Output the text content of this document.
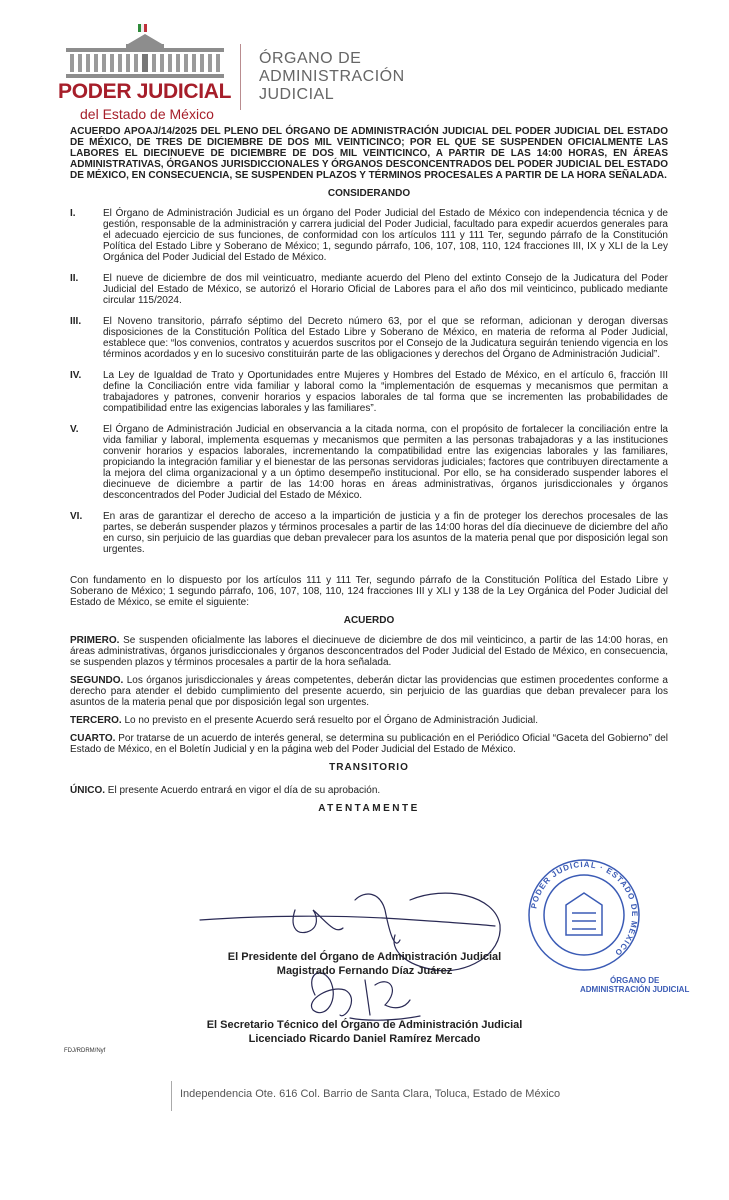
PODER JUDICIAL
del Estado de México
ÓRGANO DE
ADMINISTRACIÓN
JUDICIAL

ACUERDO APOAJ/14/2025 DEL PLENO DEL ÓRGANO DE ADMINISTRACIÓN JUDICIAL DEL PODER JUDICIAL DEL ESTADO DE MÉXICO, DE TRES DE DICIEMBRE DE DOS MIL VEINTICINCO; POR EL QUE SE SUSPENDEN OFICIALMENTE LAS LABORES EL DIECINUEVE DE DICIEMBRE DE DOS MIL VEINTICINCO, A PARTIR DE LAS 14:00 HORAS, EN ÁREAS ADMINISTRATIVAS, ÓRGANOS JURISDICCIONALES Y ÓRGANOS DESCONCENTRADOS DEL PODER JUDICIAL DEL ESTADO DE MÉXICO, EN CONSECUENCIA, SE SUSPENDEN PLAZOS Y TÉRMINOS PROCESALES A PARTIR DE LA HORA SEÑALADA.

CONSIDERANDO
I.	El Órgano de Administración Judicial es un órgano del Poder Judicial del Estado de México con independencia técnica y de gestión, responsable de la administración y carrera judicial del Poder Judicial, facultado para expedir acuerdos generales para el adecuado ejercicio de sus funciones, de conformidad con los artículos 111 y 111 Ter, segundo párrafo de la Constitución Política del Estado Libre y Soberano de México; 1, segundo párrafo, 106, 107, 108, 110, 124 fracciones III, IX y XLI de la Ley Orgánica del Poder Judicial del Estado de México.
II.	El nueve de diciembre de dos mil veinticuatro, mediante acuerdo del Pleno del extinto Consejo de la Judicatura del Poder Judicial del Estado de México, se autorizó el Horario Oficial de Labores para el año dos mil veinticinco, publicado mediante circular 115/2024.
III.	El Noveno transitorio, párrafo séptimo del Decreto número 63, por el que se reforman, adicionan y derogan diversas disposiciones de la Constitución Política del Estado Libre y Soberano de México, en materia de reforma al Poder Judicial, establece que: “los convenios, contratos y acuerdos suscritos por el Consejo de la Judicatura seguirán teniendo vigencia en los términos acordados y en lo sucesivo constituirán parte de las obligaciones y derechos del Órgano de Administración Judicial”.
IV.	La Ley de Igualdad de Trato y Oportunidades entre Mujeres y Hombres del Estado de México, en el artículo 6, fracción III define la Conciliación entre vida familiar y laboral como la “implementación de esquemas y mecanismos que permitan a trabajadores y patrones, convenir horarios y espacios laborales de tal forma que se incrementen las probabilidades de compatibilidad entre las exigencias laborales y las familiares”.
V.	El Órgano de Administración Judicial en observancia a la citada norma, con el propósito de fortalecer la conciliación entre la vida familiar y laboral, implementa esquemas y mecanismos que permiten a las personas trabajadoras y a las instituciones convenir horarios y espacios laborales, incrementando la compatibilidad entre las exigencias laborales y las familiares, propiciando la integración familiar y el bienestar de las personas servidoras judiciales; factores que contribuyen directamente a la mejora del clima organizacional y a un óptimo desempeño institucional. Por ello, se ha considerado suspender labores el diecinueve de diciembre a partir de las 14:00 horas en áreas administrativas, órganos jurisdiccionales y órganos desconcentrados del Poder Judicial del Estado de México.
VI.	En aras de garantizar el derecho de acceso a la impartición de justicia y a fin de proteger los derechos procesales de las partes, se deberán suspender plazos y términos procesales a partir de las 14:00 horas del día diecinueve de diciembre del año en curso, sin perjuicio de las guardias que deban prevalecer para los asuntos de la materia penal que por disposición legal son urgentes.

Con fundamento en lo dispuesto por los artículos 111 y 111 Ter, segundo párrafo de la Constitución Política del Estado Libre y Soberano de México; 1 segundo párrafo, 106, 107, 108, 110, 124 fracciones III y XLI y 138 de la Ley Orgánica del Poder Judicial del Estado de México, se emite el siguiente:

ACUERDO

PRIMERO. Se suspenden oficialmente las labores el diecinueve de diciembre de dos mil veinticinco, a partir de las 14:00 horas, en áreas administrativas, órganos jurisdiccionales y órganos desconcentrados del Poder Judicial del Estado de México, en consecuencia, se suspenden plazos y términos procesales a partir de la hora señalada.

SEGUNDO. Los órganos jurisdiccionales y áreas competentes, deberán dictar las providencias que estimen procedentes conforme a derecho para atender el debido cumplimiento del presente acuerdo, sin perjuicio de las guardias que deban prevalecer para los asuntos de la materia penal que por disposición legal son urgentes.

TERCERO. Lo no previsto en el presente Acuerdo será resuelto por el Órgano de Administración Judicial.

CUARTO. Por tratarse de un acuerdo de interés general, se determina su publicación en el Periódico Oficial “Gaceta del Gobierno” del Estado de México, en el Boletín Judicial y en la página web del Poder Judicial del Estado de México.

TRANSITORIO

ÚNICO. El presente Acuerdo entrará en vigor el día de su aprobación.

ATENTAMENTE
PODER JUDICIAL · ESTADO DE MÉXICO
ÓRGANO DE
ADMINISTRACIÓN JUDICIAL
El Presidente del Órgano de Administración Judicial
Magistrado Fernando Díaz Juárez
El Secretario Técnico del Órgano de Administración Judicial
Licenciado Ricardo Daniel Ramírez Mercado
FDJ/RDRM/Nyf
Independencia Ote. 616 Col. Barrio de Santa Clara, Toluca, Estado de México
